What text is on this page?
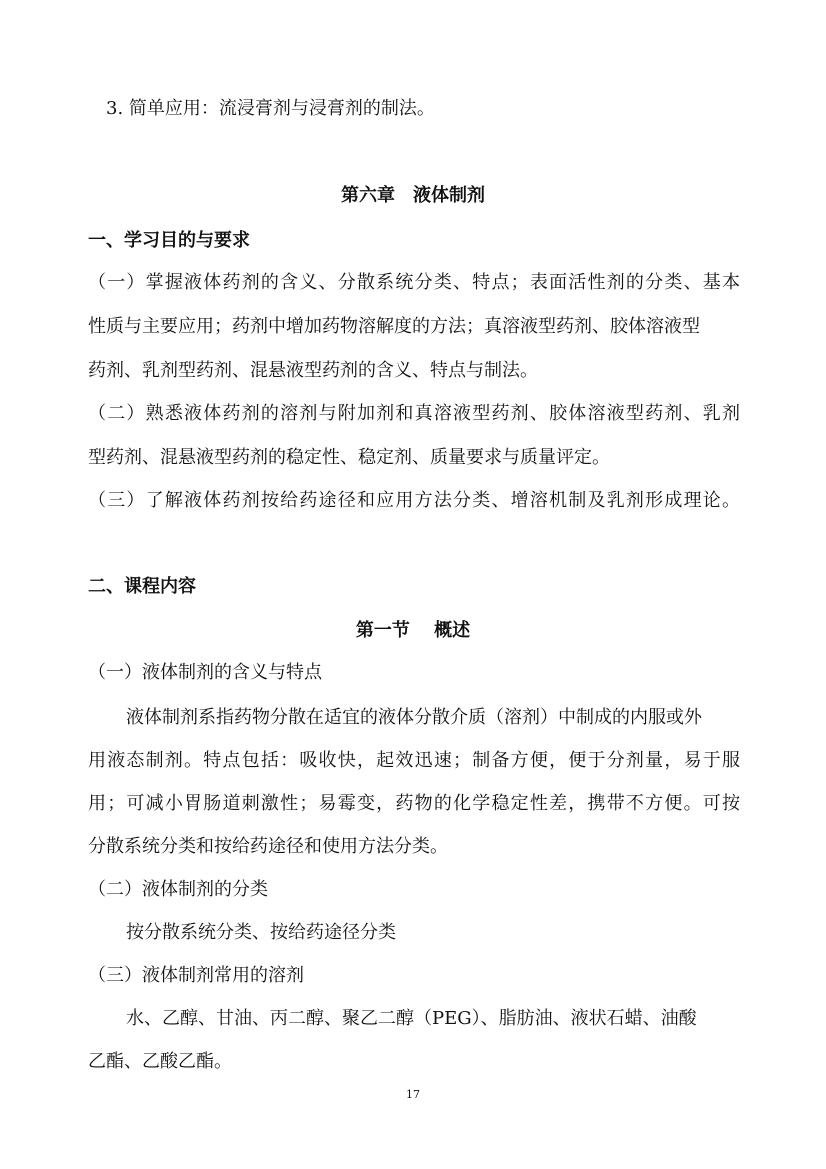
3. 简单应用：流浸膏剂与浸膏剂的制法。

第六章　液体制剂

一、学习目的与要求

（一）掌握液体药剂的含义、分散系统分类、特点；表面活性剂的分类、基本

性质与主要应用；药剂中增加药物溶解度的方法；真溶液型药剂、胶体溶液型

药剂、乳剂型药剂、混悬液型药剂的含义、特点与制法。

（二）熟悉液体药剂的溶剂与附加剂和真溶液型药剂、胶体溶液型药剂、乳剂

型药剂、混悬液型药剂的稳定性、稳定剂、质量要求与质量评定。

（三）了解液体药剂按给药途径和应用方法分类、增溶机制及乳剂形成理论。

二、课程内容

第一节　 概述

（一）液体制剂的含义与特点

液体制剂系指药物分散在适宜的液体分散介质（溶剂）中制成的内服或外

用液态制剂。特点包括：吸收快，起效迅速；制备方便，便于分剂量，易于服

用；可减小胃肠道刺激性；易霉变，药物的化学稳定性差，携带不方便。可按

分散系统分类和按给药途径和使用方法分类。

（二）液体制剂的分类

按分散系统分类、按给药途径分类

（三）液体制剂常用的溶剂

水、乙醇、甘油、丙二醇、聚乙二醇（PEG）、脂肪油、液状石蜡、油酸

乙酯、乙酸乙酯。

17
